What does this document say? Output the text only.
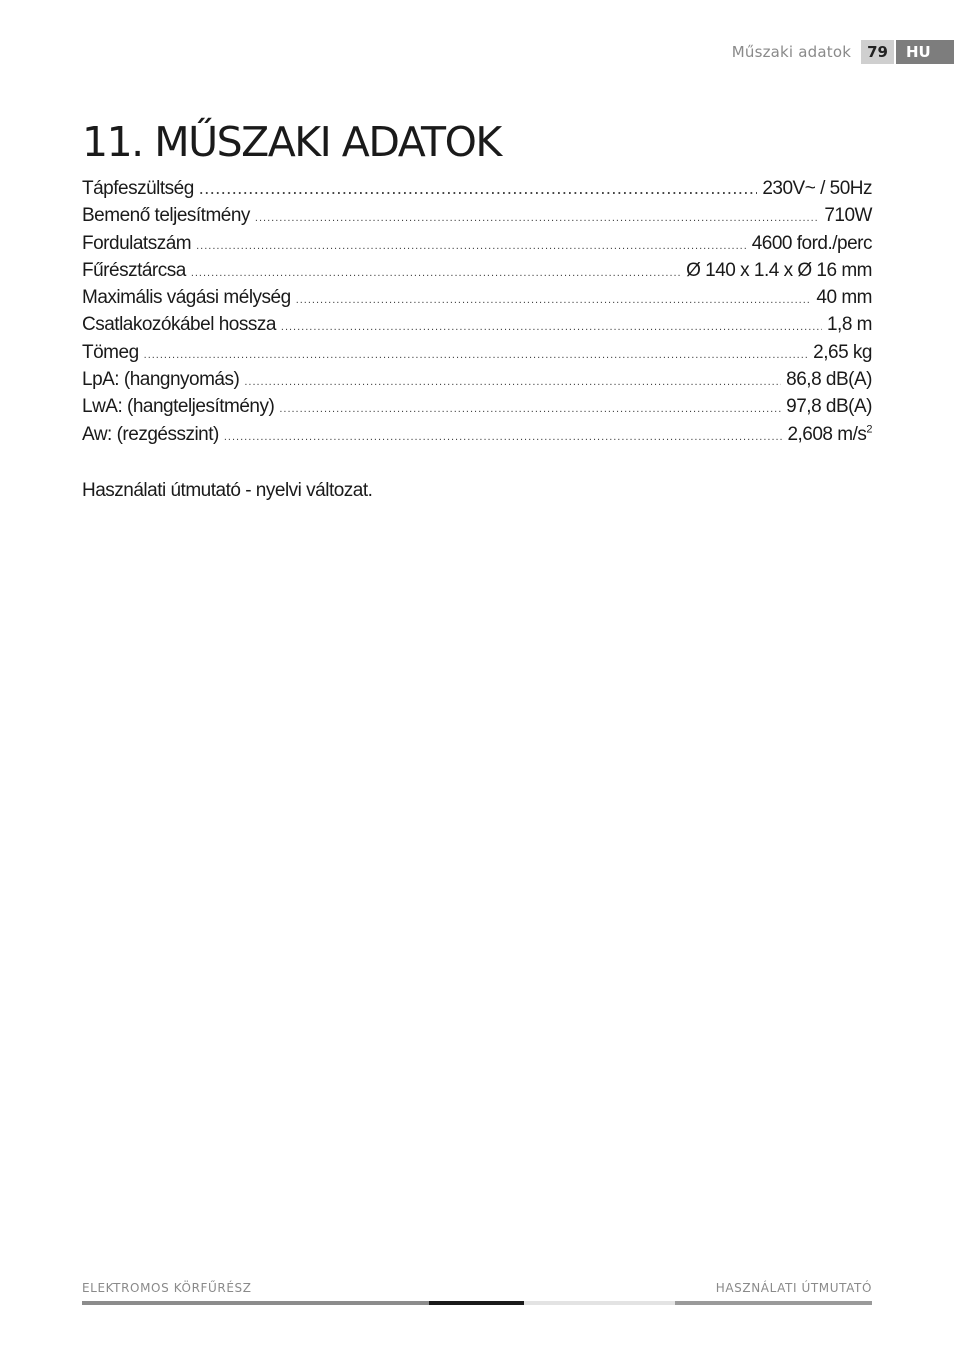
Műszaki adatok	79	HU
11. MŰSZAKI ADATOK
Tápfeszültség .....	230V~ / 50Hz
Bemenő teljesítmény .....	710W
Fordulatszám .....	4600 ford./perc
Fűrésztárcsa .....	Ø 140 x 1.4 x Ø 16 mm
Maximális vágási mélység .....	40 mm
Csatlakozókábel hossza .....	1,8 m
Tömeg .....	2,65 kg
LpA: (hangnyomás) .....	86,8 dB(A)
LwA: (hangteljesítmény) .....	97,8 dB(A)
Aw: (rezgésszint) .....	2,608 $m/s^2$
Használati útmutató - nyelvi változat.
ELEKTROMOS KÖRFŰRÉSZ	HASZNÁLATI ÚTMUTATÓ
